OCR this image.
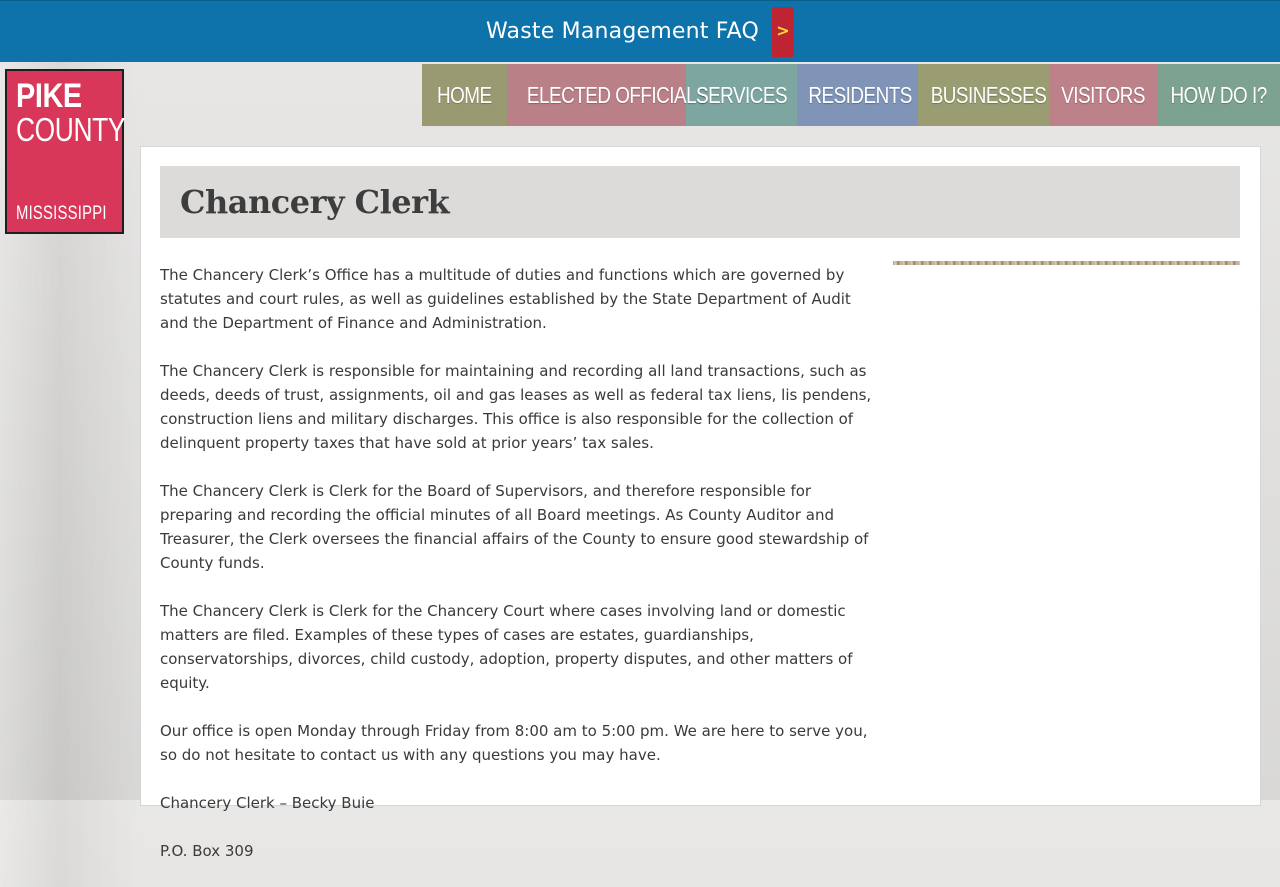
Waste Management FAQ >
PIKE
COUNTY
MISSISSIPPI
HOME	ELECTED OFFICIALS
SERVICES RESIDENTS BUSINESSES VISITORS	HOW DO I?
Chancery Clerk

The Chancery Clerk’s Office has a multitude of duties and functions which are governed by statutes and court rules, as well as guidelines established by the State Department of Audit and the Department of Finance and Administration.

The Chancery Clerk is responsible for maintaining and recording all land transactions, such as deeds, deeds of trust, assignments, oil and gas leases as well as federal tax liens, lis pendens, construction liens and military discharges. This office is also responsible for the collection of delinquent property taxes that have sold at prior years’ tax sales.

The Chancery Clerk is Clerk for the Board of Supervisors, and therefore responsible for preparing and recording the official minutes of all Board meetings. As County Auditor and Treasurer, the Clerk oversees the financial affairs of the County to ensure good stewardship of County funds.

The Chancery Clerk is Clerk for the Chancery Court where cases involving land or domestic matters are filed. Examples of these types of cases are estates, guardianships, conservatorships, divorces, child custody, adoption, property disputes, and other matters of equity.

Our office is open Monday through Friday from 8:00 am to 5:00 pm. We are here to serve you, so do not hesitate to contact us with any questions you may have.

Chancery Clerk – Becky Buie

P.O. Box 309
